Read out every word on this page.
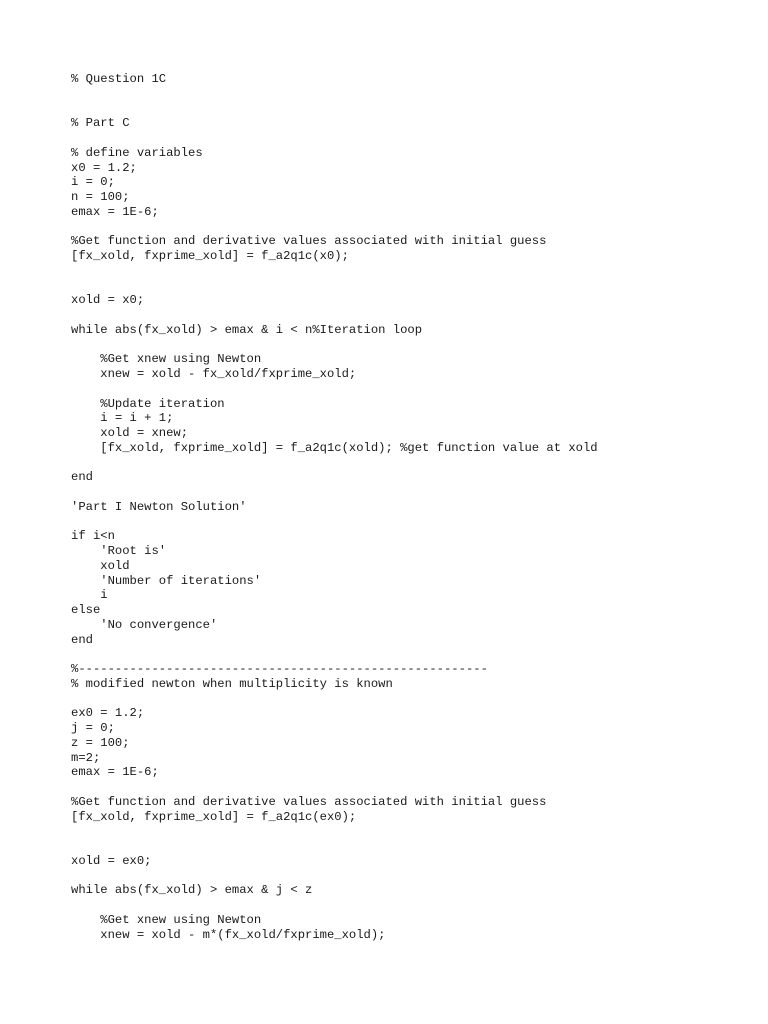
% Question 1C
% Part C
% define variables
x0 = 1.2;
i = 0;
n = 100;
emax = 1E-6;
%Get function and derivative values associated with initial guess
[fx_xold, fxprime_xold] = f_a2q1c(x0);
xold = x0;
while abs(fx_xold) > emax & i < n%Iteration loop
%Get xnew using Newton
xnew = xold - fx_xold/fxprime_xold;
%Update iteration
i = i + 1;
xold = xnew;
[fx_xold, fxprime_xold] = f_a2q1c(xold); %get function value at xold
end
'Part I Newton Solution'
if i<n
'Root is'
xold
'Number of iterations'
i
else
'No convergence'
end
%--------------------------------------------------------
% modified newton when multiplicity is known
ex0 = 1.2;
j = 0;
z = 100;
m=2;
emax = 1E-6;
%Get function and derivative values associated with initial guess
[fx_xold, fxprime_xold] = f_a2q1c(ex0);
xold = ex0;
while abs(fx_xold) > emax & j < z
%Get xnew using Newton
xnew = xold - m*(fx_xold/fxprime_xold);
